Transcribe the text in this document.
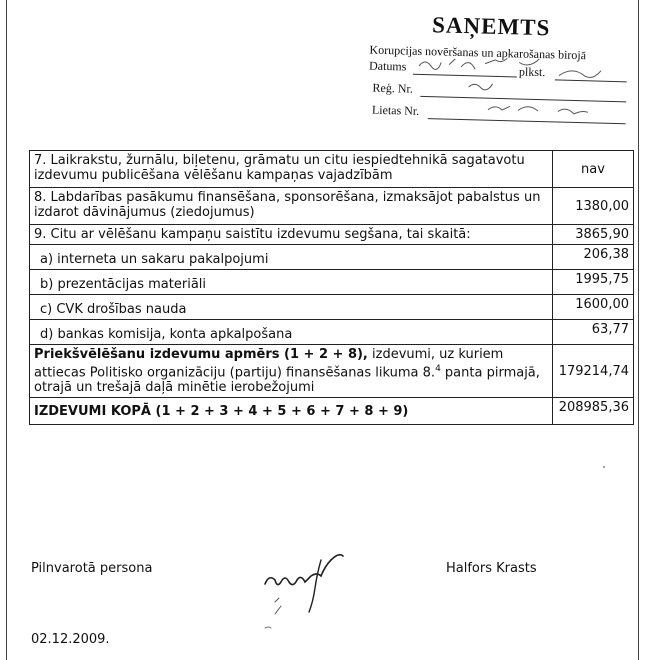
SAŅEMTS
Korupcijas novēršanas un apkarošanas birojā
Datums	plkst.
Reģ. Nr.
Lietas Nr.
7. Laikrakstu, žurnālu, biļetenu, grāmatu un citu iespiedtehnikā sagatavotu izdevumu publicēšana vēlēšanu kampaņas vajadzībām	nav
8. Labdarības pasākumu finansēšana, sponsorēšana, izmaksājot pabalstus un izdarot dāvinājumus (ziedojumus)	1380,00
9. Citu ar vēlēšanu kampaņu saistītu izdevumu segšana, tai skaitā:	3865,90
a) interneta un sakaru pakalpojumi	206,38
b) prezentācijas materiāli	1995,75
c) CVK drošības nauda	1600,00
d) bankas komisija, konta apkalpošana	63,77
Priekšvēlēšanu izdevumu apmērs (1 + 2 + 8), izdevumi, uz kuriem attiecas Politisko organizāciju (partiju) finansēšanas likuma 8.$^4$ panta pirmajā, otrajā un trešajā daļā minētie ierobežojumi	179214,74
IZDEVUMI KOPĀ (1 + 2 + 3 + 4 + 5 + 6 + 7 + 8 + 9)	208985,36
Pilnvarotā persona	Halfors Krasts
02.12.2009.
